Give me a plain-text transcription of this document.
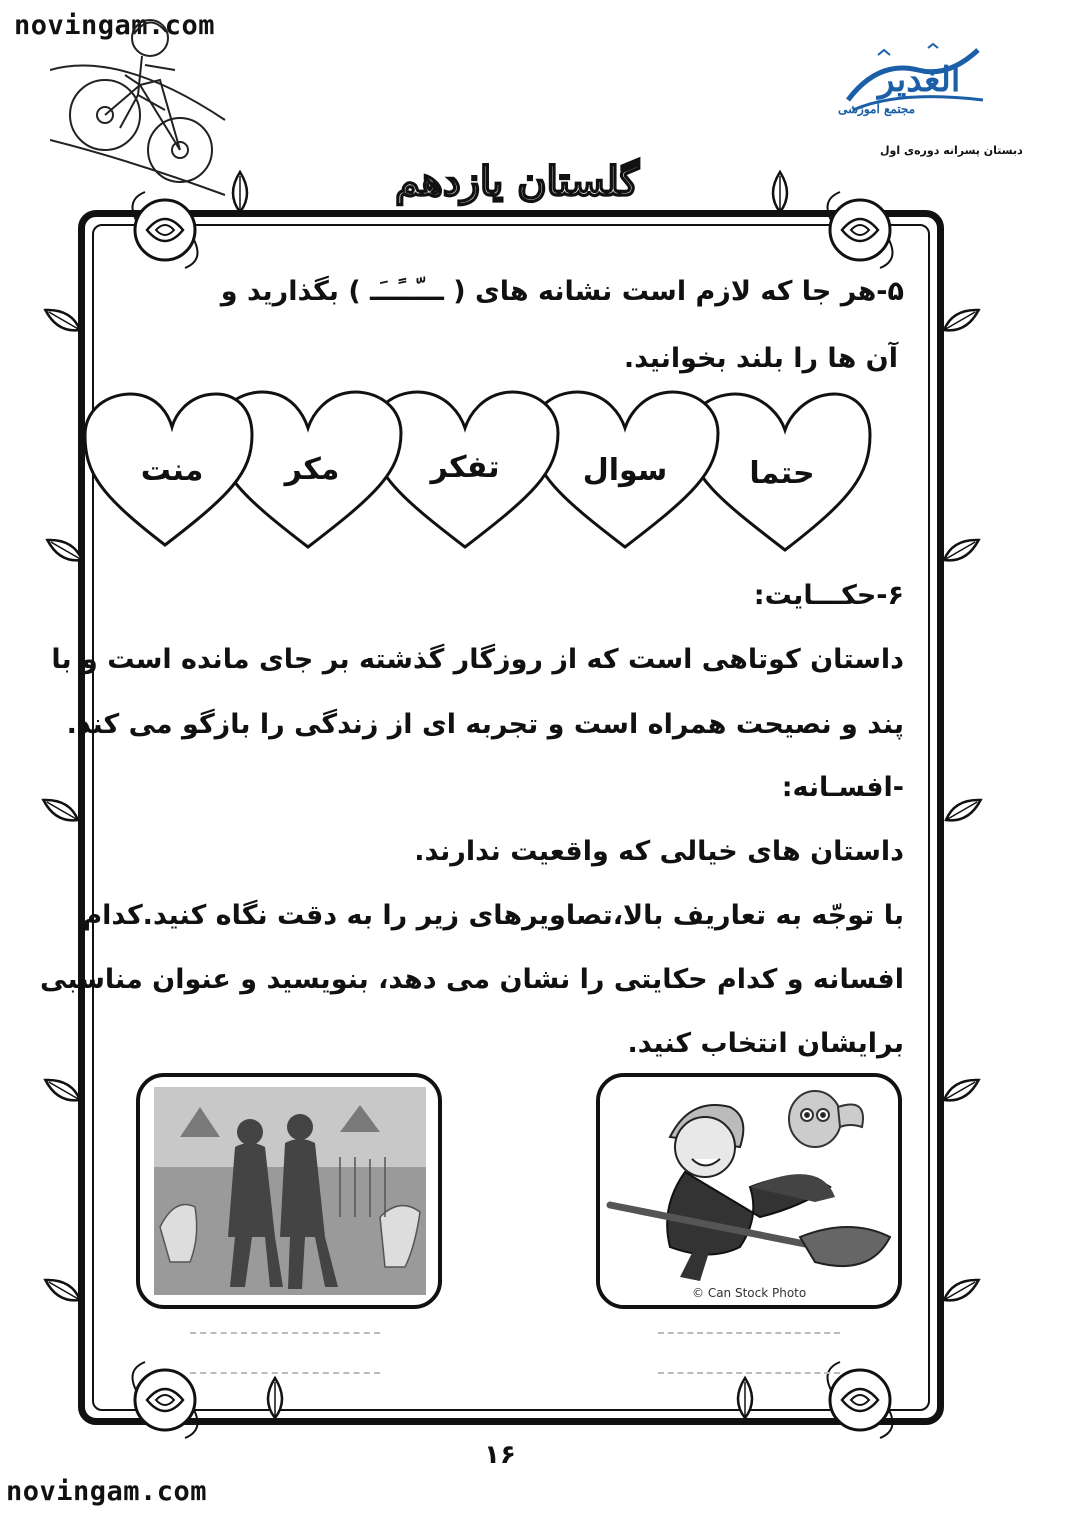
novingam.com
novingam.com
الغدیر
مجتمع آموزشی
دبستان پسرانه دوره‌ی اول
گلستان یازدهم
۵-هر جا که لازم است نشانه های ( ـــّــًــَـ ) بگذارید و
آن ها را بلند بخوانید.
حتما
سوال
تفکر
مکر
منت
۶-حکـــایت:
داستان کوتاهی است که از روزگار گذشته بر جای مانده است و با
پند و نصیحت همراه است و تجربه ای از زندگی را بازگو می کند.
-افسـانه:
داستان های خیالی که واقعیت ندارند.
با توجّه به تعاریف بالا،تصاویرهای زیر را به دقت نگاه کنید.کدام
افسانه و کدام حکایتی را نشان می دهد، بنویسید و عنوان مناسبی
برایشان انتخاب کنید.
© Can Stock Photo
۱۶
